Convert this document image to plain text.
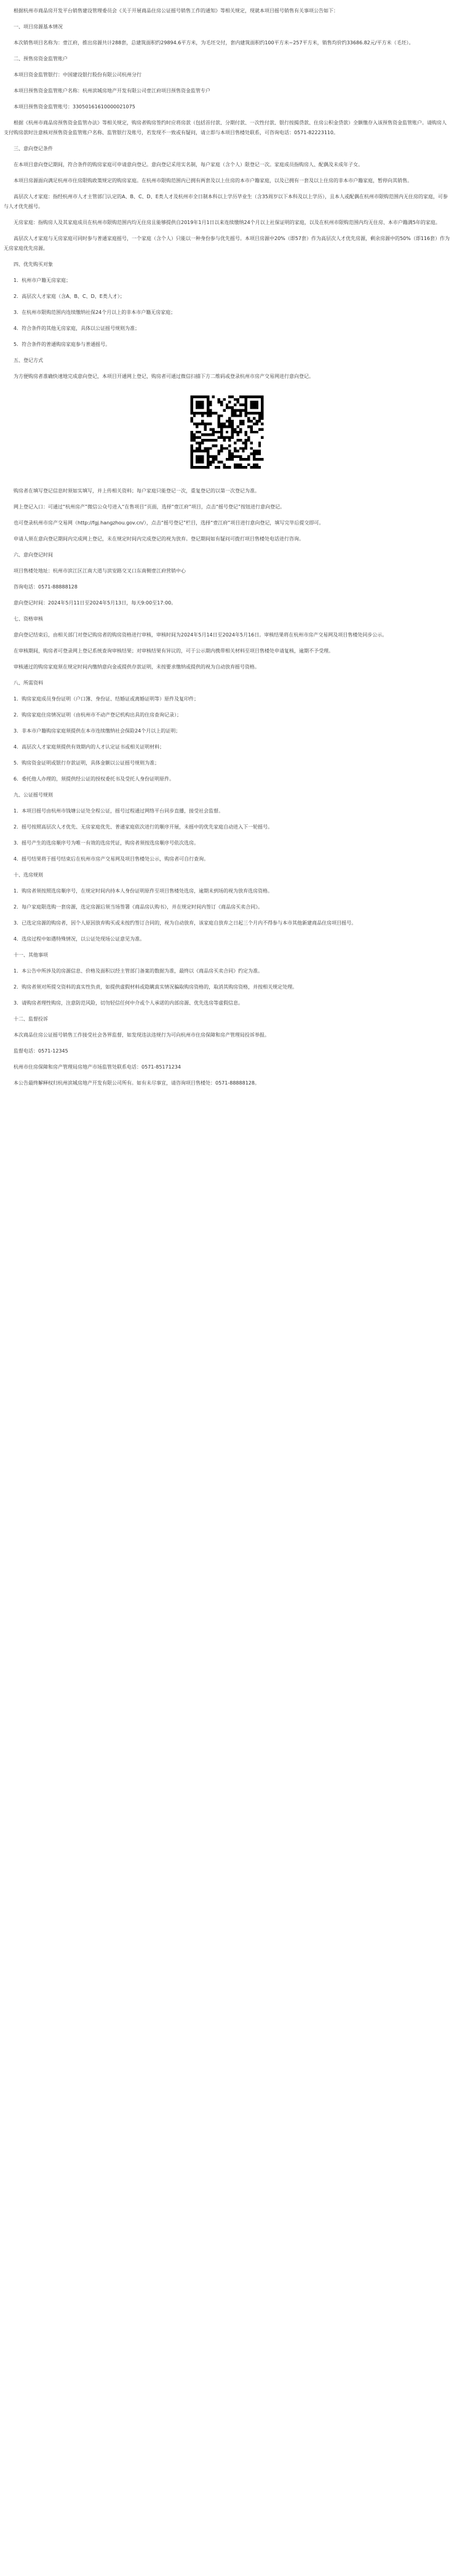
根据杭州市商品房开发平台销售建设管理委员会《关于开展商品住房公证摇号销售工作的通知》等相关规定，现就本项目摇号销售有关事项公告如下：

一、项目房源基本情况

本次销售项目名称为：壹江府，推出房源共计288套，总建筑面积约29894.6平方米，为毛坯交付，套内建筑面积约100平方米~257平方米，销售均价约33686.82元/平方米（毛坯）。

二、预售房资金监管账户

本项目资金监管银行：中国建设银行股份有限公司杭州分行

本项目预售资金监管账户名称：杭州滨城房地产开发有限公司壹江府项目预售资金监管专户

本项目预售资金监管账号：33050161610000021075

根据《杭州市商品房预售资金监管办法》等相关规定，购房者购房签约时应将房款（包括首付款、分期付款、一次性付款、银行按揭贷款、住房公积金贷款）全额缴存入该预售资金监管账户。请购房人支付购房款时注意核对预售资金监管账户名称、监管银行及账号，若发现不一致或有疑问，请立即与本项目售楼处联系，可咨询电话：0571-82223110。

三、意向登记条件

在本项目意向登记期间，符合条件的购房家庭可申请意向登记。意向登记采用实名制，每户家庭（含个人）限登记一次。家庭成员指购房人、配偶及未成年子女。

本项目房源面向满足杭州市住房限购政策规定的购房家庭。在杭州市限购范围内已拥有两套及以上住房的本市户籍家庭，以及已拥有一套及以上住房的非本市户籍家庭，暂停向其销售。

高层次人才家庭：指经杭州市人才主管部门认定的A、B、C、D、E类人才及杭州市全日制本科以上学历毕业生（含35周岁以下本科及以上学历），且本人或配偶在杭州市限购范围内无住房的家庭，可参与人才优先摇号。

无房家庭：指购房人及其家庭成员在杭州市限购范围内均无住房且能够提供自2019年1月1日以来连续缴纳24个月以上社保证明的家庭，以及在杭州市限购范围内均无住房、本市户籍满5年的家庭。

高层次人才家庭与无房家庭可同时参与普通家庭摇号，一个家庭（含个人）只能以一种身份参与优先摇号。本项目房源中20%（即57套）作为高层次人才优先房源，剩余房源中的50%（即116套）作为无房家庭优先房源。

四、优先购买对象

1．杭州市户籍无房家庭；

2．高层次人才家庭（含A、B、C、D、E类人才）；

3．在杭州市限购范围内连续缴纳社保24个月以上的非本市户籍无房家庭；

4．符合条件的其他无房家庭，具体以公证摇号规则为准；

5．符合条件的普通购房家庭参与普通摇号。

五、登记方式

为方便购房者准确快速地完成意向登记，本项目开通网上登记，购房者可通过微信扫描下方二维码或登录杭州市房产交易网进行意向登记。

购房者在填写登记信息时须如实填写，并上传相关资料；每户家庭只能登记一次，重复登记的以第一次登记为准。

网上登记入口：可通过“杭州房产”微信公众号进入“在售项目”页面，选择“壹江府”项目，点击“摇号登记”按钮进行意向登记。

也可登录杭州市房产交易网（http://fgj.hangzhou.gov.cn/），点击“摇号登记”栏目，选择“壹江府”项目进行意向登记，填写完毕后提交即可。

申请人须在意向登记期间内完成网上登记，未在规定时间内完成登记的视为放弃。登记期间如有疑问可拨打项目售楼处电话进行咨询。

六、意向登记时间

项目售楼处地址：杭州市滨江区江南大道与滨安路交叉口东南侧壹江府营销中心

咨询电话：0571-88888128

意向登记时间：2024年5月11日至2024年5月13日，每天9:00至17:00。

七、资格审核

意向登记结束后，由相关部门对登记购房者的购房资格进行审核，审核时间为2024年5月14日至2024年5月16日。审核结果将在杭州市房产交易网及项目售楼处同步公示。

在审核期间，购房者可登录网上登记系统查询审核结果；对审核结果有异议的，可于公示期内携带相关材料至项目售楼处申请复核，逾期不予受理。

审核通过的购房家庭须在规定时间内缴纳意向金或提供存款证明，未按要求缴纳或提供的视为自动放弃摇号资格。

八、所需资料

1．购房家庭成员身份证明（户口簿、身份证、结婚证或离婚证明等）原件及复印件；

2．购房家庭住房情况证明（由杭州市不动产登记机构出具的住房查询记录）；

3．非本市户籍购房家庭须提供在本市连续缴纳社会保险24个月以上的证明；

4．高层次人才家庭须提供有效期内的人才认定证书或相关证明材料；

5．购房资金证明或银行存款证明，具体金额以公证摇号规则为准；

6．委托他人办理的，须提供经公证的授权委托书及受托人身份证明原件。

九、公证摇号规则

1．本项目摇号由杭州市钱塘公证处全程公证，摇号过程通过网络平台同步直播，接受社会监督。

2．摇号按照高层次人才优先、无房家庭优先、普通家庭依次进行的顺序开展，未摇中的优先家庭自动进入下一轮摇号。

3．摇号产生的选房顺序号为唯一有效的选房凭证，购房者须按选房顺序号依次选房。

4．摇号结果将于摇号结束后在杭州市房产交易网及项目售楼处公示，购房者可自行查询。

十、选房规则

1．购房者须按照选房顺序号，在规定时间内持本人身份证明原件至项目售楼处选房，逾期未到场的视为放弃选房资格。

2．每户家庭限选购一套房源，选定房源后须当场签署《商品房认购书》，并在规定时间内签订《商品房买卖合同》。

3．已选定房源的购房者，因个人原因放弃购买或未按约签订合同的，视为自动放弃，该家庭自放弃之日起三个月内不得参与本市其他新建商品住房项目摇号。

4．选房过程中如遇特殊情况，以公证处现场公证意见为准。

十一、其他事项

1．本公告中所涉及的房源信息、价格及面积以经主管部门备案的数据为准，最终以《商品房买卖合同》约定为准。

2．购房者须对所提交资料的真实性负责，如提供虚假材料或隐瞒真实情况骗取购房资格的，取消其购房资格，并按相关规定处理。

3．请购房者理性购房，注意防范风险，切勿轻信任何中介或个人承诺的内部房源、优先选房等虚假信息。

十二、监督投诉

本次商品住房公证摇号销售工作接受社会各界监督，如发现违法违规行为可向杭州市住房保障和房产管理局投诉举报。

监督电话：0571-12345

杭州市住房保障和房产管理局房地产市场监管处联系电话：0571-85171234

本公告最终解释权归杭州滨城房地产开发有限公司所有。如有未尽事宜，请咨询项目售楼处：0571-88888128。
